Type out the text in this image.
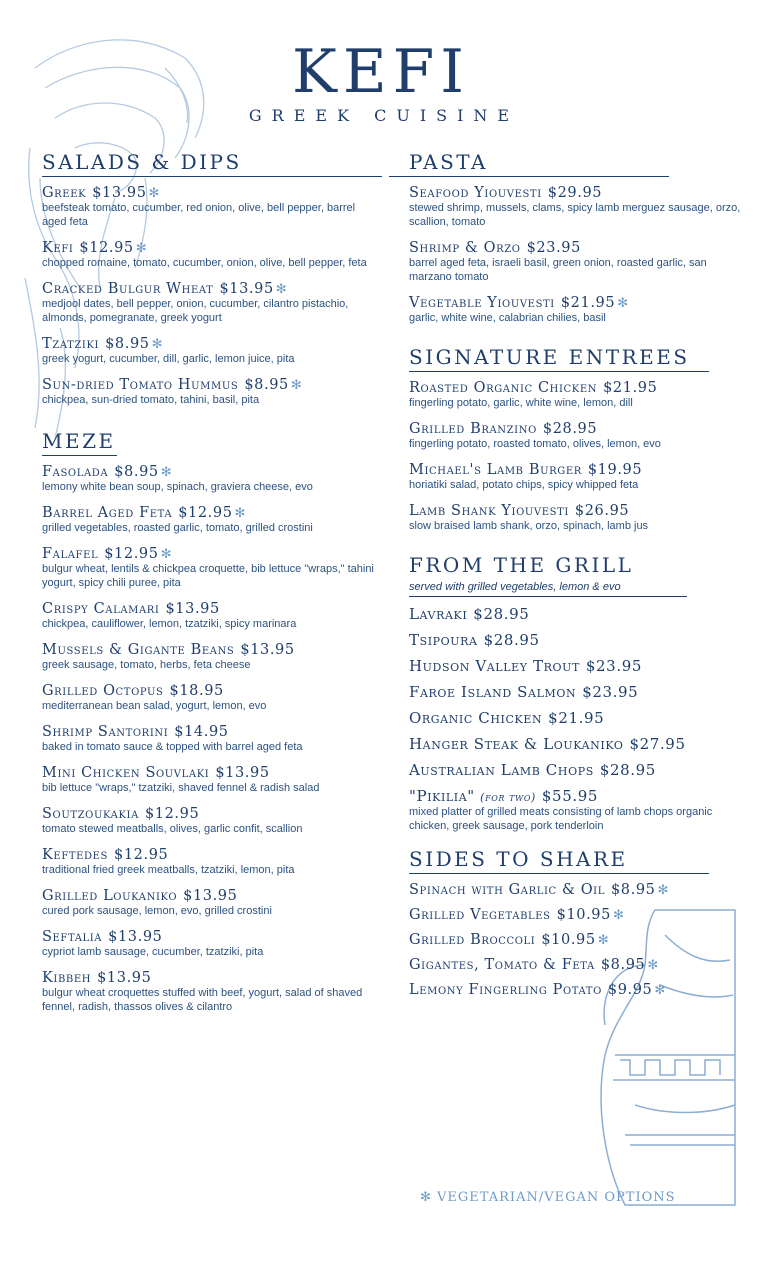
KEFI
GREEK CUISINE
SALADS & DIPS
Greek $13.95 ✻
beefsteak tomato, cucumber, red onion, olive, bell pepper, barrel aged feta
Kefi $12.95 ✻
chopped romaine, tomato, cucumber, onion, olive, bell pepper, feta
Cracked Bulgur Wheat $13.95 ✻
medjool dates, bell pepper, onion, cucumber, cilantro pistachio, almonds, pomegranate, greek yogurt
Tzatziki $8.95 ✻
greek yogurt, cucumber, dill, garlic, lemon juice, pita
Sun-dried Tomato Hummus $8.95 ✻
chickpea, sun-dried tomato, tahini, basil, pita
MEZE
Fasolada $8.95 ✻
lemony white bean soup, spinach, graviera cheese, evo
Barrel Aged Feta $12.95 ✻
grilled vegetables, roasted garlic, tomato, grilled crostini
Falafel $12.95 ✻
bulgur wheat, lentils & chickpea croquette, bib lettuce "wraps," tahini yogurt, spicy chili puree, pita
Crispy Calamari $13.95
chickpea, cauliflower, lemon, tzatziki, spicy marinara
Mussels & Gigante Beans $13.95
greek sausage, tomato, herbs, feta cheese
Grilled Octopus $18.95
mediterranean bean salad, yogurt, lemon, evo
Shrimp Santorini $14.95
baked in tomato sauce & topped with barrel aged feta
Mini Chicken Souvlaki $13.95
bib lettuce "wraps," tzatziki, shaved fennel & radish salad
Soutzoukakia $12.95
tomato stewed meatballs, olives, garlic confit, scallion
Keftedes $12.95
traditional fried greek meatballs, tzatziki, lemon, pita
Grilled Loukaniko $13.95
cured pork sausage, lemon, evo, grilled crostini
Seftalia $13.95
cypriot lamb sausage, cucumber, tzatziki, pita
Kibbeh $13.95
bulgur wheat croquettes stuffed with beef, yogurt, salad of shaved fennel, radish, thassos olives & cilantro
PASTA
Seafood Yiouvesti $29.95
stewed shrimp, mussels, clams, spicy lamb merguez sausage, orzo, scallion, tomato
Shrimp & Orzo $23.95
barrel aged feta, israeli basil, green onion, roasted garlic, san marzano tomato
Vegetable Yiouvesti $21.95 ✻
garlic, white wine, calabrian chilies, basil
SIGNATURE ENTREES
Roasted Organic Chicken $21.95
fingerling potato, garlic, white wine, lemon, dill
Grilled Branzino $28.95
fingerling potato, roasted tomato, olives, lemon, evo
Michael's Lamb Burger $19.95
horiatiki salad, potato chips, spicy whipped feta
Lamb Shank Yiouvesti $26.95
slow braised lamb shank, orzo, spinach, lamb jus
FROM THE GRILL
served with grilled vegetables, lemon & evo
Lavraki $28.95
Tsipoura $28.95
Hudson Valley Trout $23.95
Faroe Island Salmon $23.95
Organic Chicken $21.95
Hanger Steak & Loukaniko $27.95
Australian Lamb Chops $28.95
"Pikilia" (for two) $55.95
mixed platter of grilled meats consisting of lamb chops organic chicken, greek sausage, pork tenderloin
SIDES TO SHARE
Spinach with Garlic & Oil $8.95 ✻
Grilled Vegetables $10.95 ✻
Grilled Broccoli $10.95 ✻
Gigantes, Tomato & Feta $8.95 ✻
Lemony Fingerling Potato $9.95 ✻
✻ VEGETARIAN/VEGAN OPTIONS
